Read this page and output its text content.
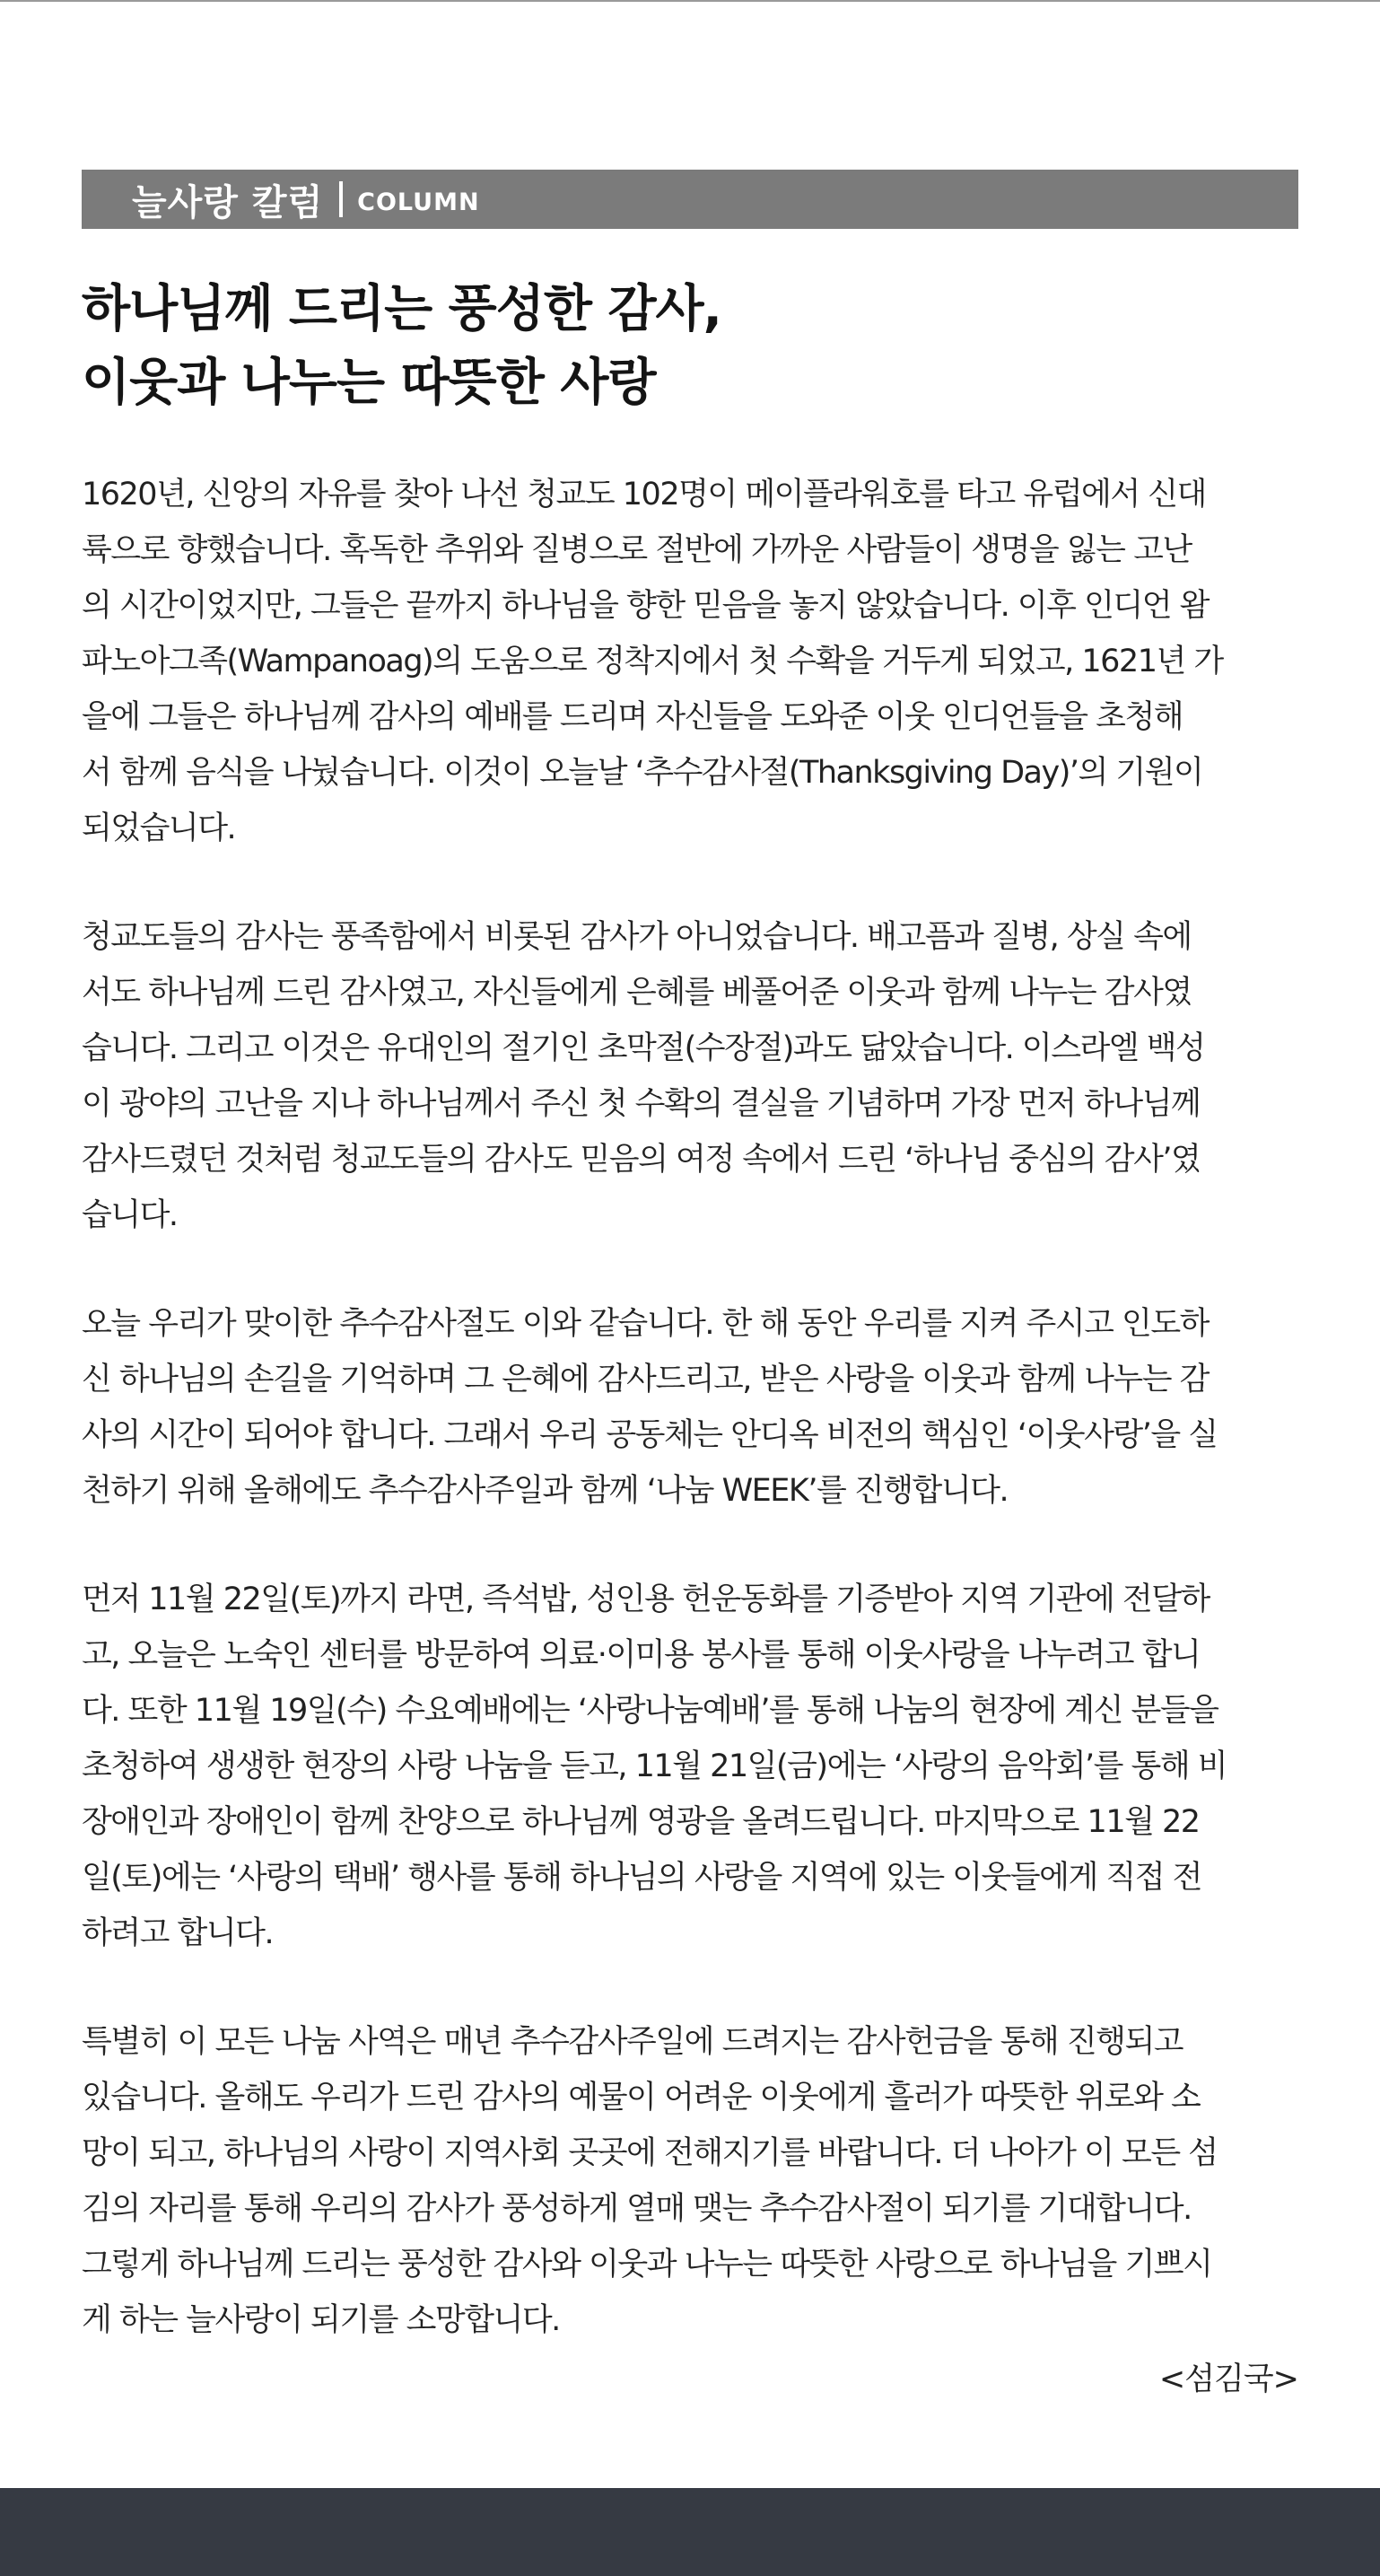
늘사랑 칼럼 COLUMN
하나님께 드리는 풍성한 감사,
이웃과 나누는 따뜻한 사랑
1620년, 신앙의 자유를 찾아 나선 청교도 102명이 메이플라워호를 타고 유럽에서 신대
륙으로 향했습니다. 혹독한 추위와 질병으로 절반에 가까운 사람들이 생명을 잃는 고난
의 시간이었지만, 그들은 끝까지 하나님을 향한 믿음을 놓지 않았습니다. 이후 인디언 왐
파노아그족(Wampanoag)의 도움으로 정착지에서 첫 수확을 거두게 되었고, 1621년 가
을에 그들은 하나님께 감사의 예배를 드리며 자신들을 도와준 이웃 인디언들을 초청해
서 함께 음식을 나눴습니다. 이것이 오늘날 ‘추수감사절(Thanksgiving Day)’의 기원이
되었습니다.
청교도들의 감사는 풍족함에서 비롯된 감사가 아니었습니다. 배고픔과 질병, 상실 속에
서도 하나님께 드린 감사였고, 자신들에게 은혜를 베풀어준 이웃과 함께 나누는 감사였
습니다. 그리고 이것은 유대인의 절기인 초막절(수장절)과도 닮았습니다. 이스라엘 백성
이 광야의 고난을 지나 하나님께서 주신 첫 수확의 결실을 기념하며 가장 먼저 하나님께
감사드렸던 것처럼 청교도들의 감사도 믿음의 여정 속에서 드린 ‘하나님 중심의 감사’였
습니다.
오늘 우리가 맞이한 추수감사절도 이와 같습니다. 한 해 동안 우리를 지켜 주시고 인도하
신 하나님의 손길을 기억하며 그 은혜에 감사드리고, 받은 사랑을 이웃과 함께 나누는 감
사의 시간이 되어야 합니다. 그래서 우리 공동체는 안디옥 비전의 핵심인 ‘이웃사랑’을 실
천하기 위해 올해에도 추수감사주일과 함께 ‘나눔 WEEK’를 진행합니다.
먼저 11월 22일(토)까지 라면, 즉석밥, 성인용 헌운동화를 기증받아 지역 기관에 전달하
고, 오늘은 노숙인 센터를 방문하여 의료·이미용 봉사를 통해 이웃사랑을 나누려고 합니
다. 또한 11월 19일(수) 수요예배에는 ‘사랑나눔예배’를 통해 나눔의 현장에 계신 분들을
초청하여 생생한 현장의 사랑 나눔을 듣고, 11월 21일(금)에는 ‘사랑의 음악회’를 통해 비
장애인과 장애인이 함께 찬양으로 하나님께 영광을 올려드립니다. 마지막으로 11월 22
일(토)에는 ‘사랑의 택배’ 행사를 통해 하나님의 사랑을 지역에 있는 이웃들에게 직접 전
하려고 합니다.
특별히 이 모든 나눔 사역은 매년 추수감사주일에 드려지는 감사헌금을 통해 진행되고
있습니다. 올해도 우리가 드린 감사의 예물이 어려운 이웃에게 흘러가 따뜻한 위로와 소
망이 되고, 하나님의 사랑이 지역사회 곳곳에 전해지기를 바랍니다. 더 나아가 이 모든 섬
김의 자리를 통해 우리의 감사가 풍성하게 열매 맺는 추수감사절이 되기를 기대합니다.
그렇게 하나님께 드리는 풍성한 감사와 이웃과 나누는 따뜻한 사랑으로 하나님을 기쁘시
게 하는 늘사랑이 되기를 소망합니다.
<섬김국>
